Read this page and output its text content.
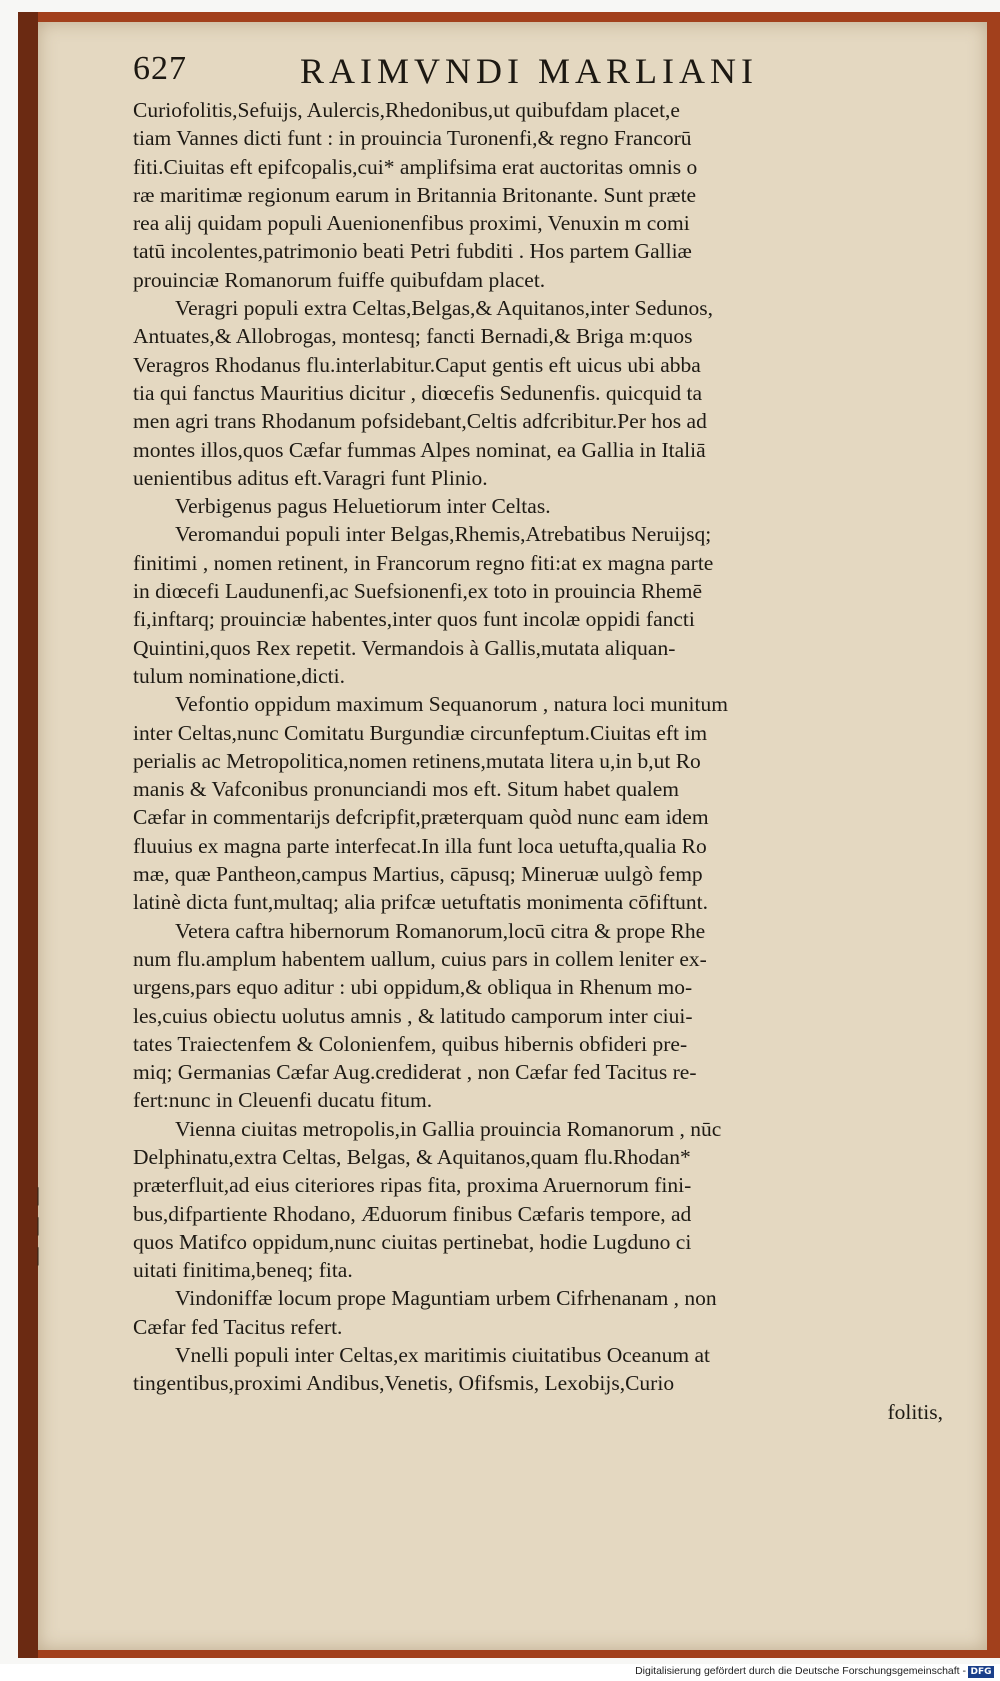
627	RAIMVNDI MARLIANI
Curiofolitis,Sefuijs, Aulercis,Rhedonibus,ut quibufdam placet,e
tiam Vannes dicti funt : in prouincia Turonenfi,& regno Francorū
fiti.Ciuitas eft epifcopalis,cui* amplifsima erat auctoritas omnis o
ræ maritimæ regionum earum in Britannia Britonante. Sunt præte
rea alij quidam populi Auenionenfibus proximi, Venuxin m comi
tatū incolentes,patrimonio beati Petri fubditi . Hos partem Galliæ
prouinciæ Romanorum fuiffe quibufdam placet.
Veragri populi extra Celtas,Belgas,& Aquitanos,inter Sedunos,
Antuates,& Allobrogas, montesq; fancti Bernadi,& Briga m:quos
Veragros Rhodanus flu.interlabitur.Caput gentis eft uicus ubi abba
tia qui fanctus Mauritius dicitur , diœcefis Sedunenfis. quicquid ta
men agri trans Rhodanum pofsidebant,Celtis adfcribitur.Per hos ad
montes illos,quos Cæfar fummas Alpes nominat, ea Gallia in Italiā
uenientibus aditus eft.Varagri funt Plinio.
Verbigenus pagus Heluetiorum inter Celtas.
Veromandui populi inter Belgas,Rhemis,Atrebatibus Neruijsq;
finitimi , nomen retinent, in Francorum regno fiti:at ex magna parte
in diœcefi Laudunenfi,ac Suefsionenfi,ex toto in prouincia Rhemē
fi,inftarq; prouinciæ habentes,inter quos funt incolæ oppidi fancti
Quintini,quos Rex repetit. Vermandois à Gallis,mutata aliquan-
tulum nominatione,dicti.
Vefontio oppidum maximum Sequanorum , natura loci munitum
inter Celtas,nunc Comitatu Burgundiæ circunfeptum.Ciuitas eft im
perialis ac Metropolitica,nomen retinens,mutata litera u,in b,ut Ro
manis & Vafconibus pronunciandi mos eft. Situm habet qualem
Cæfar in commentarijs defcripfit,præterquam quòd nunc eam idem
fluuius ex magna parte interfecat.In illa funt loca uetufta,qualia Ro
mæ, quæ Pantheon,campus Martius, cāpusq; Mineruæ uulgò femp
latinè dicta funt,multaq; alia prifcæ uetuftatis monimenta cōfiftunt.
Vetera caftra hibernorum Romanorum,locū citra & prope Rhe
num flu.amplum habentem uallum, cuius pars in collem leniter ex-
urgens,pars equo aditur : ubi oppidum,& obliqua in Rhenum mo-
les,cuius obiectu uolutus amnis , & latitudo camporum inter ciui-
tates Traiectenfem & Colonienfem, quibus hibernis obfideri pre-
miq; Germanias Cæfar Aug.crediderat , non Cæfar fed Tacitus re-
fert:nunc in Cleuenfi ducatu fitum.
Vienna ciuitas metropolis,in Gallia prouincia Romanorum , nūc
Delphinatu,extra Celtas, Belgas, & Aquitanos,quam flu.Rhodan*
præterfluit,ad eius citeriores ripas fita, proxima Aruernorum fini-
bus,difpartiente Rhodano, Æduorum finibus Cæfaris tempore, ad
quos Matifco oppidum,nunc ciuitas pertinebat, hodie Lugduno ci
uitati finitima,beneq; fita.
Vindoniffæ locum prope Maguntiam urbem Cifrhenanam , non
Cæfar fed Tacitus refert.
Vnelli populi inter Celtas,ex maritimis ciuitatibus Oceanum at
tingentibus,proximi Andibus,Venetis, Ofifsmis, Lexobijs,Curio
folitis,
|
|
|
Digitalisierung gefördert durch die Deutsche Forschungsgemeinschaft - DFG
